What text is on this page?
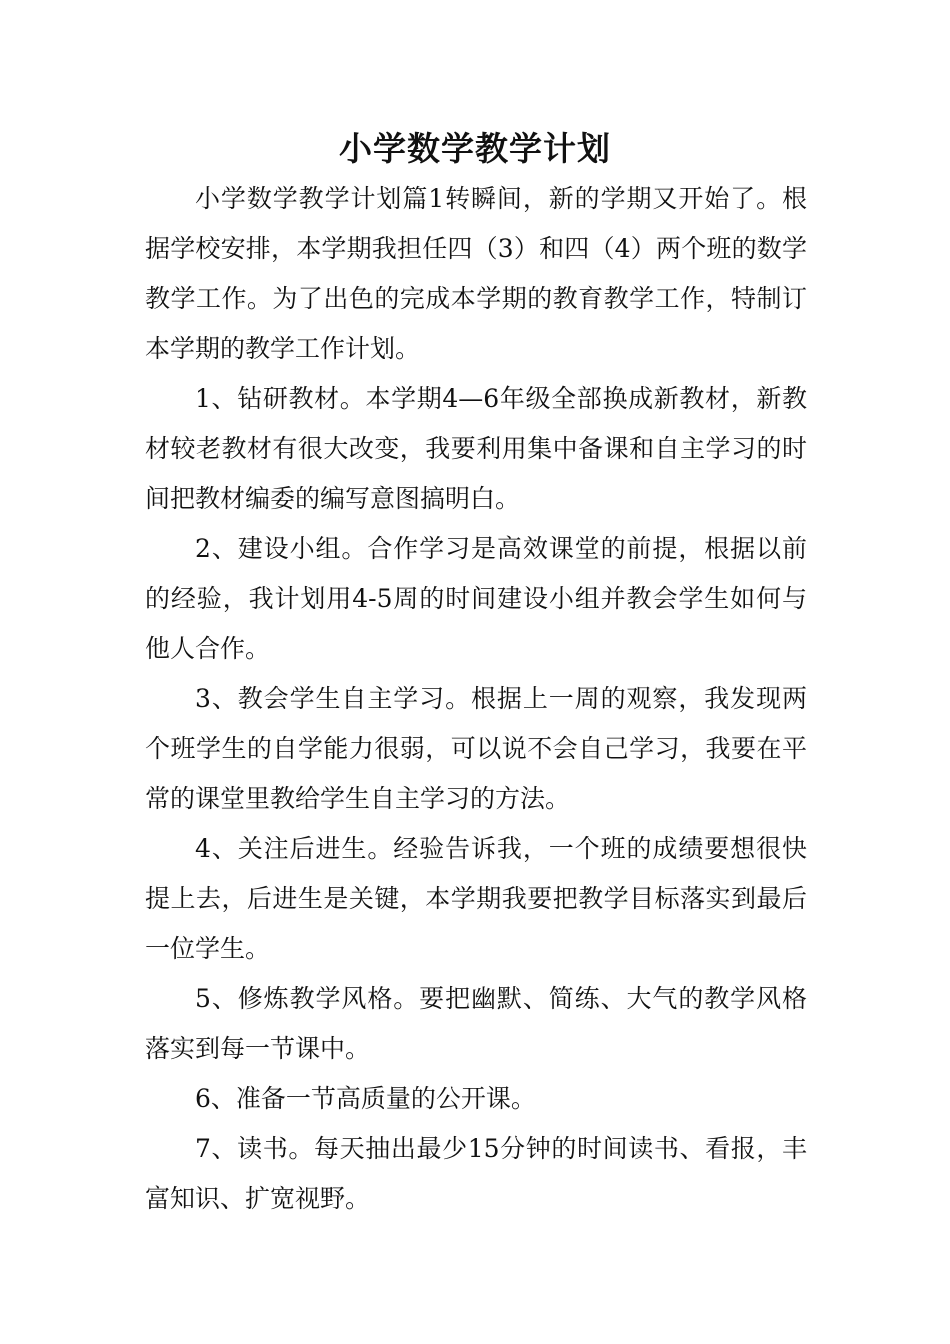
小学数学教学计划

小学数学教学计划篇1转瞬间，新的学期又开始了。根据学校安排，本学期我担任四（3）和四（4）两个班的数学教学工作。为了出色的完成本学期的教育教学工作，特制订本学期的教学工作计划。

1、钻研教材。本学期4—6年级全部换成新教材，新教材较老教材有很大改变，我要利用集中备课和自主学习的时间把教材编委的编写意图搞明白。

2、建设小组。合作学习是高效课堂的前提，根据以前的经验，我计划用4-5周的时间建设小组并教会学生如何与他人合作。

3、教会学生自主学习。根据上一周的观察，我发现两个班学生的自学能力很弱，可以说不会自己学习，我要在平常的课堂里教给学生自主学习的方法。

4、关注后进生。经验告诉我，一个班的成绩要想很快提上去，后进生是关键，本学期我要把教学目标落实到最后一位学生。

5、修炼教学风格。要把幽默、简练、大气的教学风格落实到每一节课中。

6、准备一节高质量的公开课。

7、读书。每天抽出最少15分钟的时间读书、看报，丰富知识、扩宽视野。
